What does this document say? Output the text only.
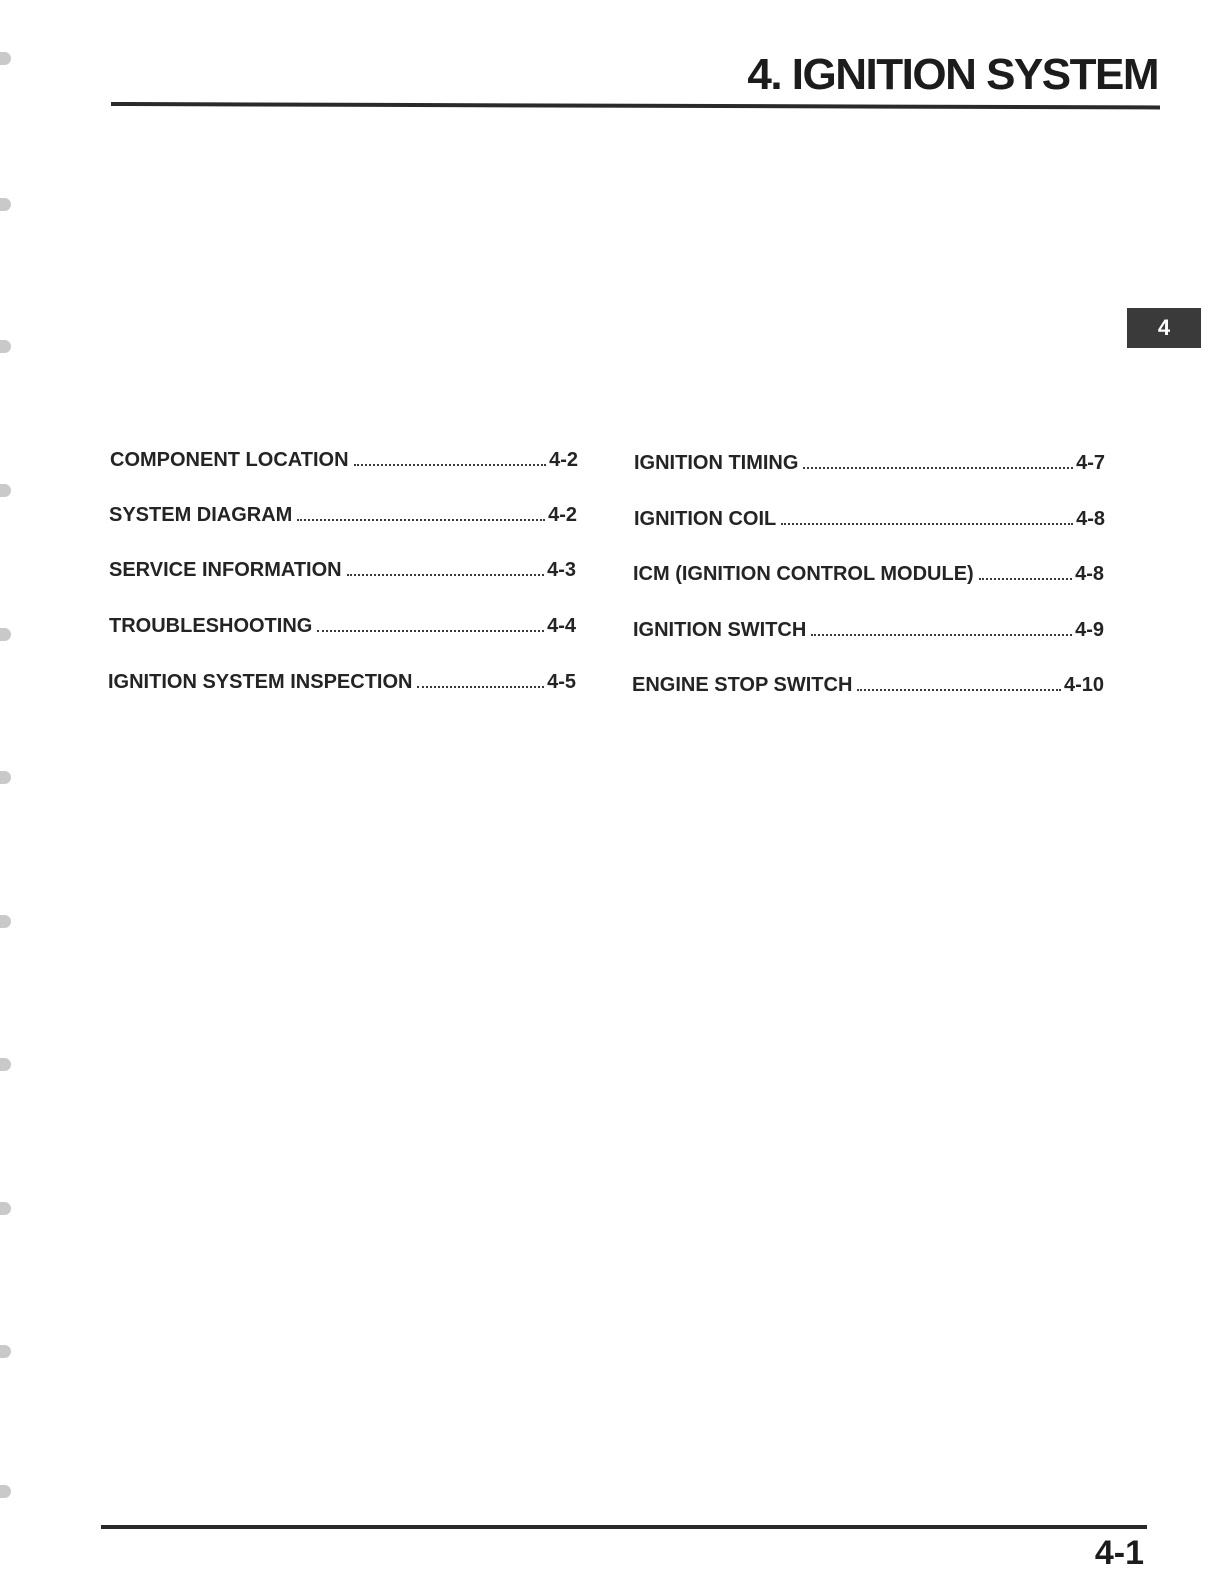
4. IGNITION SYSTEM
4
COMPONENT LOCATION	4-2
SYSTEM DIAGRAM	4-2
SERVICE INFORMATION	4-3
TROUBLESHOOTING	4-4
IGNITION SYSTEM INSPECTION	4-5
IGNITION TIMING	4-7
IGNITION COIL	4-8
ICM (IGNITION CONTROL MODULE)	4-8
IGNITION SWITCH	4-9
ENGINE STOP SWITCH	4-10
4-1
